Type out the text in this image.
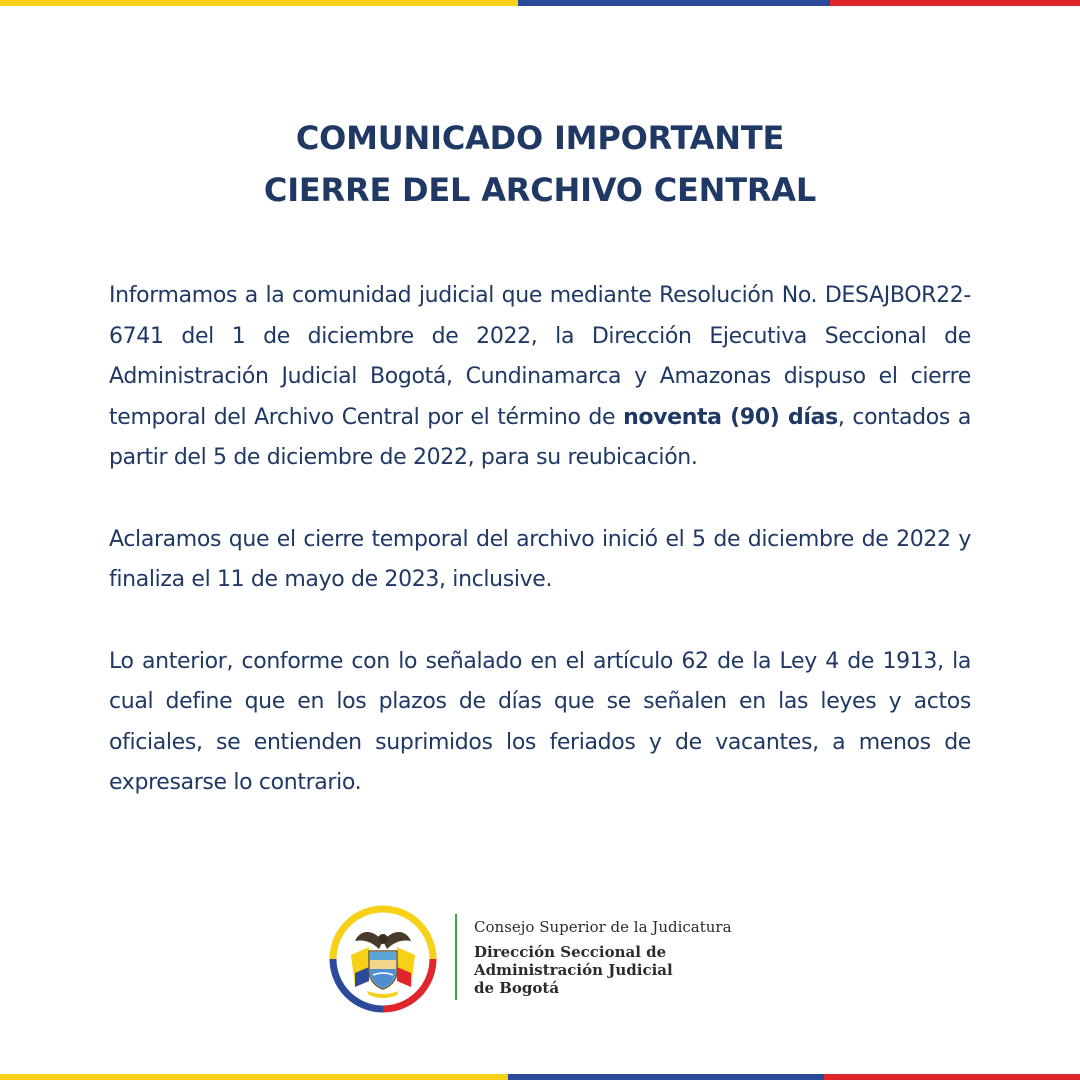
COMUNICADO IMPORTANTE
CIERRE DEL ARCHIVO CENTRAL

Informamos a la comunidad judicial que mediante Resolución No. DESAJBOR22-6741 del 1 de diciembre de 2022, la Dirección Ejecutiva Seccional de Administración Judicial Bogotá, Cundinamarca y Amazonas dispuso el cierre temporal del Archivo Central por el término de noventa (90) días, contados a partir del 5 de diciembre de 2022, para su reubicación.

Aclaramos que el cierre temporal del archivo inició el 5 de diciembre de 2022 y finaliza el 11 de mayo de 2023, inclusive.

Lo anterior, conforme con lo señalado en el artículo 62 de la Ley 4 de 1913, la cual define que en los plazos de días que se señalen en las leyes y actos oficiales, se entienden suprimidos los feriados y de vacantes, a menos de expresarse lo contrario.

Consejo Superior de la Judicatura
Dirección Seccional de
Administración Judicial
de Bogotá
